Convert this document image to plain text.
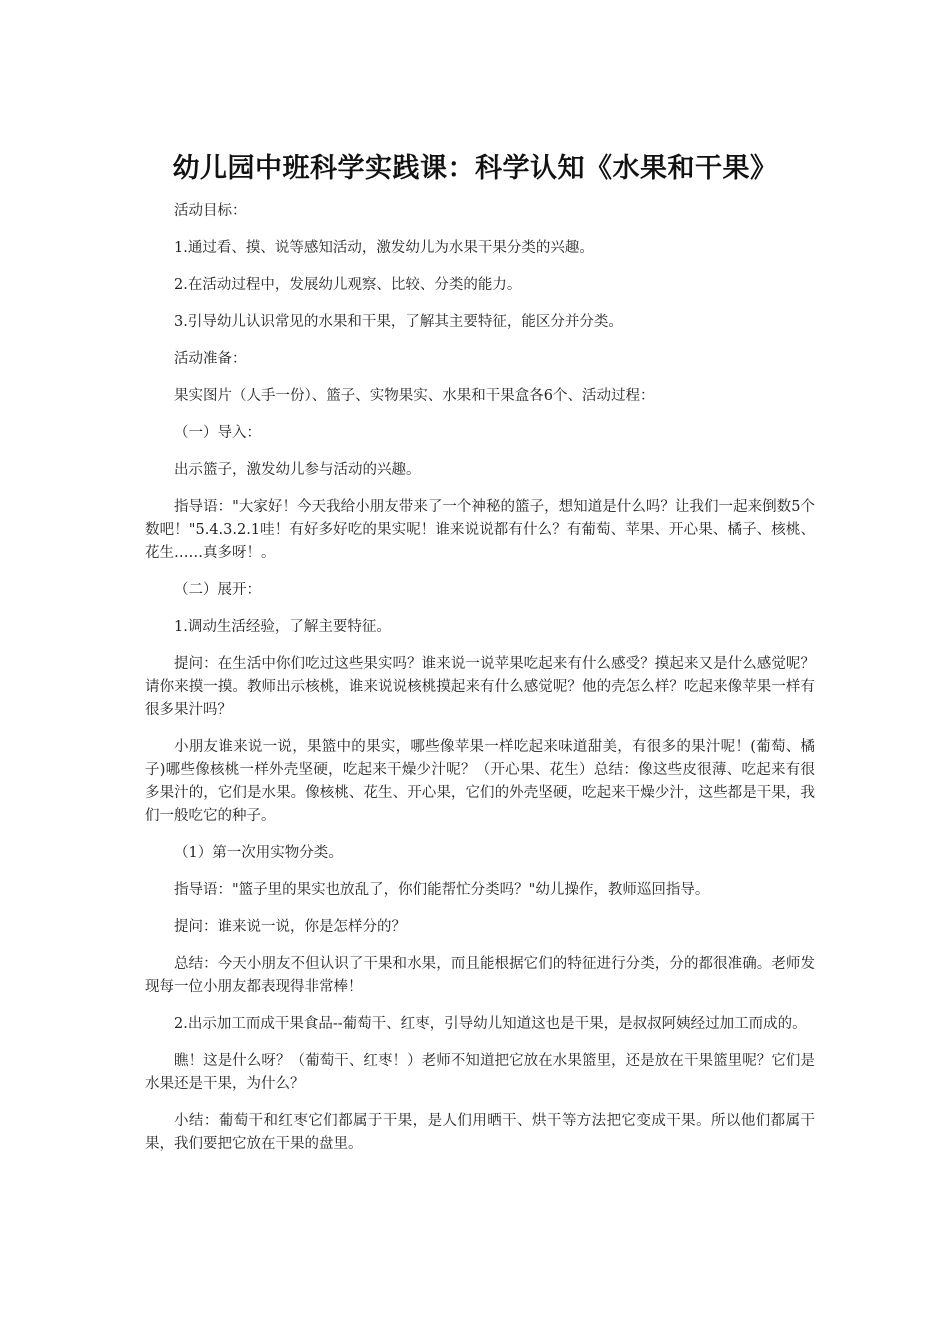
幼儿园中班科学实践课：科学认知《水果和干果》

活动目标：

1.通过看、摸、说等感知活动，激发幼儿为水果干果分类的兴趣。

2.在活动过程中，发展幼儿观察、比较、分类的能力。

3.引导幼儿认识常见的水果和干果，了解其主要特征，能区分并分类。

活动准备：

果实图片（人手一份）、篮子、实物果实、水果和干果盒各6个、活动过程：

（一）导入：

出示篮子，激发幼儿参与活动的兴趣。

指导语："大家好！今天我给小朋友带来了一个神秘的篮子，想知道是什么吗？让我们一起来倒数5个数吧！"5.4.3.2.1哇！有好多好吃的果实呢！谁来说说都有什么？有葡萄、苹果、开心果、橘子、核桃、花生……真多呀！。

（二）展开：

1.调动生活经验，了解主要特征。

提问：在生活中你们吃过这些果实吗？谁来说一说苹果吃起来有什么感受？摸起来又是什么感觉呢？请你来摸一摸。教师出示核桃，谁来说说核桃摸起来有什么感觉呢？他的壳怎么样？吃起来像苹果一样有很多果汁吗？

小朋友谁来说一说，果篮中的果实，哪些像苹果一样吃起来味道甜美，有很多的果汁呢！(葡萄、橘子)哪些像核桃一样外壳坚硬，吃起来干燥少汁呢？（开心果、花生）总结：像这些皮很薄、吃起来有很多果汁的，它们是水果。像核桃、花生、开心果，它们的外壳坚硬，吃起来干燥少汁，这些都是干果，我们一般吃它的种子。

（1）第一次用实物分类。

指导语："篮子里的果实也放乱了，你们能帮忙分类吗？"幼儿操作，教师巡回指导。

提问：谁来说一说，你是怎样分的？

总结：今天小朋友不但认识了干果和水果，而且能根据它们的特征进行分类，分的都很准确。老师发现每一位小朋友都表现得非常棒！

2.出示加工而成干果食品--葡萄干、红枣，引导幼儿知道这也是干果，是叔叔阿姨经过加工而成的。

瞧！这是什么呀？（葡萄干、红枣！）老师不知道把它放在水果篮里，还是放在干果篮里呢？它们是水果还是干果，为什么？

小结：葡萄干和红枣它们都属于干果，是人们用晒干、烘干等方法把它变成干果。所以他们都属干果，我们要把它放在干果的盘里。
